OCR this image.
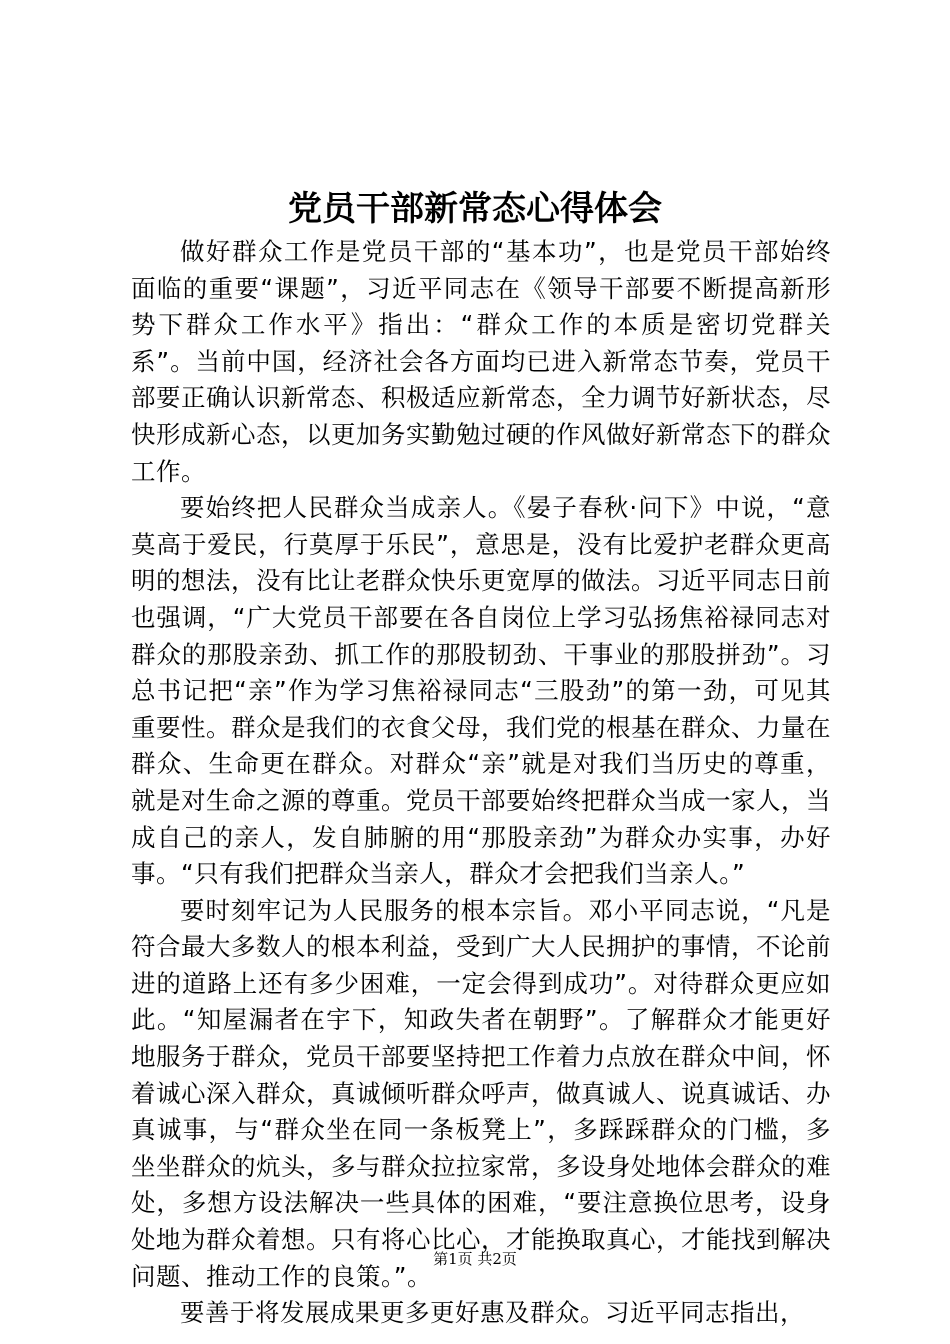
党员干部新常态心得体会

做好群众工作是党员干部的“基本功”，也是党员干部始终面临的重要“课题”，习近平同志在《领导干部要不断提高新形势下群众工作水平》指出：“群众工作的本质是密切党群关系”。当前中国，经济社会各方面均已进入新常态节奏，党员干部要正确认识新常态、积极适应新常态，全力调节好新状态，尽快形成新心态，以更加务实勤勉过硬的作风做好新常态下的群众工作。

要始终把人民群众当成亲人。《晏子春秋·问下》中说，“意莫高于爱民，行莫厚于乐民”，意思是，没有比爱护老群众更高明的想法，没有比让老群众快乐更宽厚的做法。习近平同志日前也强调，“广大党员干部要在各自岗位上学习弘扬焦裕禄同志对群众的那股亲劲、抓工作的那股韧劲、干事业的那股拼劲”。习总书记把“亲”作为学习焦裕禄同志“三股劲”的第一劲，可见其重要性。群众是我们的衣食父母，我们党的根基在群众、力量在群众、生命更在群众。对群众“亲”就是对我们当历史的尊重，就是对生命之源的尊重。党员干部要始终把群众当成一家人，当成自己的亲人，发自肺腑的用“那股亲劲”为群众办实事，办好事。“只有我们把群众当亲人，群众才会把我们当亲人。”

要时刻牢记为人民服务的根本宗旨。邓小平同志说，“凡是符合最大多数人的根本利益，受到广大人民拥护的事情，不论前进的道路上还有多少困难，一定会得到成功”。对待群众更应如此。“知屋漏者在宇下，知政失者在朝野”。了解群众才能更好地服务于群众，党员干部要坚持把工作着力点放在群众中间，怀着诚心深入群众，真诚倾听群众呼声，做真诚人、说真诚话、办真诚事，与“群众坐在同一条板凳上”，多踩踩群众的门槛，多坐坐群众的炕头，多与群众拉拉家常，多设身处地体会群众的难处，多想方设法解决一些具体的困难，“要注意换位思考，设身处地为群众着想。只有将心比心，才能换取真心，才能找到解决问题、推动工作的良策。”。

要善于将发展成果更多更好惠及群众。习近平同志指出，

第1页 共2页
